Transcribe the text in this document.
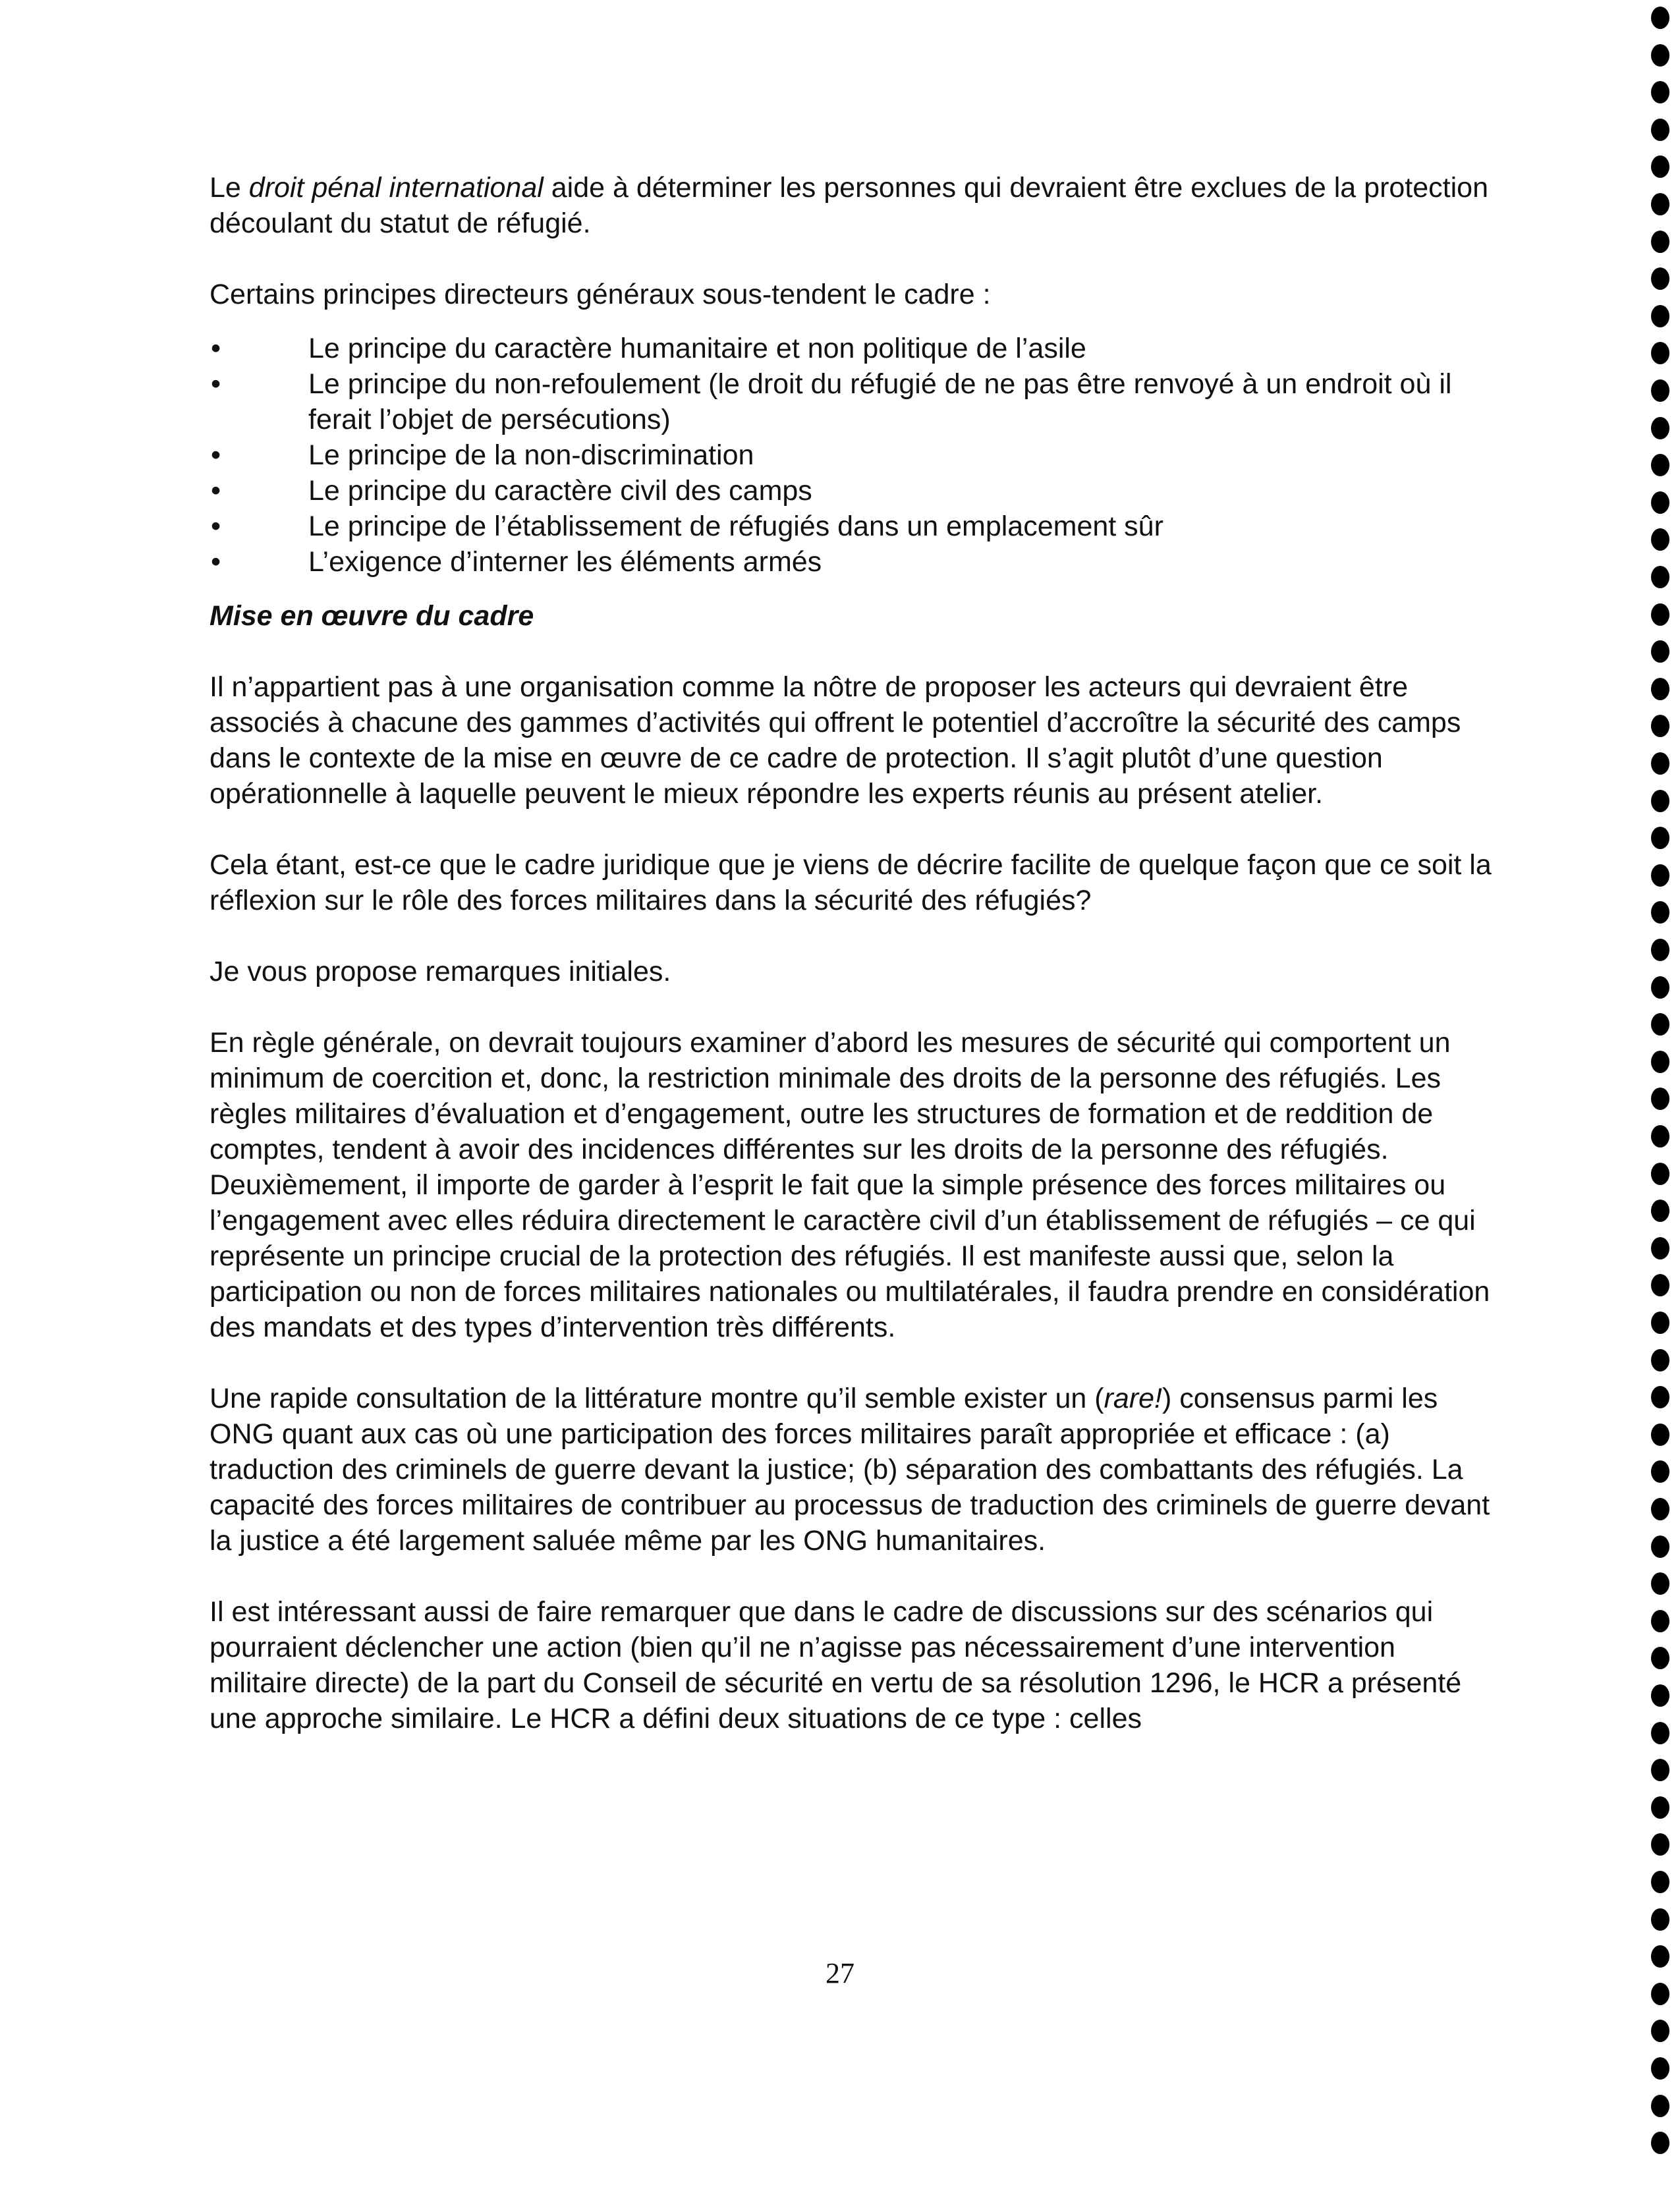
Le droit pénal international aide à déterminer les personnes qui devraient être exclues de la protection découlant du statut de réfugié.

Certains principes directeurs généraux sous-tendent le cadre :

•	Le principe du caractère humanitaire et non politique de l’asile
•	Le principe du non-refoulement (le droit du réfugié de ne pas être renvoyé à un endroit où il ferait l’objet de persécutions)
•	Le principe de la non-discrimination
•	Le principe du caractère civil des camps
•	Le principe de l’établissement de réfugiés dans un emplacement sûr
•	L’exigence d’interner les éléments armés

Mise en œuvre du cadre

Il n’appartient pas à une organisation comme la nôtre de proposer les acteurs qui devraient être associés à chacune des gammes d’activités qui offrent le potentiel d’accroître la sécurité des camps dans le contexte de la mise en œuvre de ce cadre de protection. Il s’agit plutôt d’une question opérationnelle à laquelle peuvent le mieux répondre les experts réunis au présent atelier.

Cela étant, est-ce que le cadre juridique que je viens de décrire facilite de quelque façon que ce soit la réflexion sur le rôle des forces militaires dans la sécurité des réfugiés?

Je vous propose remarques initiales.

En règle générale, on devrait toujours examiner d’abord les mesures de sécurité qui comportent un minimum de coercition et, donc, la restriction minimale des droits de la personne des réfugiés. Les règles militaires d’évaluation et d’engagement, outre les structures de formation et de reddition de comptes, tendent à avoir des incidences différentes sur les droits de la personne des réfugiés. Deuxièmement, il importe de garder à l’esprit le fait que la simple présence des forces militaires ou l’engagement avec elles réduira directement le caractère civil d’un établissement de réfugiés – ce qui représente un principe crucial de la protection des réfugiés. Il est manifeste aussi que, selon la participation ou non de forces militaires nationales ou multilatérales, il faudra prendre en considération des mandats et des types d’intervention très différents.

Une rapide consultation de la littérature montre qu’il semble exister un (rare!) consensus parmi les ONG quant aux cas où une participation des forces militaires paraît appropriée et efficace : (a) traduction des criminels de guerre devant la justice; (b) séparation des combattants des réfugiés. La capacité des forces militaires de contribuer au processus de traduction des criminels de guerre devant la justice a été largement saluée même par les ONG humanitaires.

Il est intéressant aussi de faire remarquer que dans le cadre de discussions sur des scénarios qui pourraient déclencher une action (bien qu’il ne n’agisse pas nécessairement d’une intervention militaire directe) de la part du Conseil de sécurité en vertu de sa résolution 1296, le HCR a présenté une approche similaire. Le HCR a défini deux situations de ce type : celles

27
